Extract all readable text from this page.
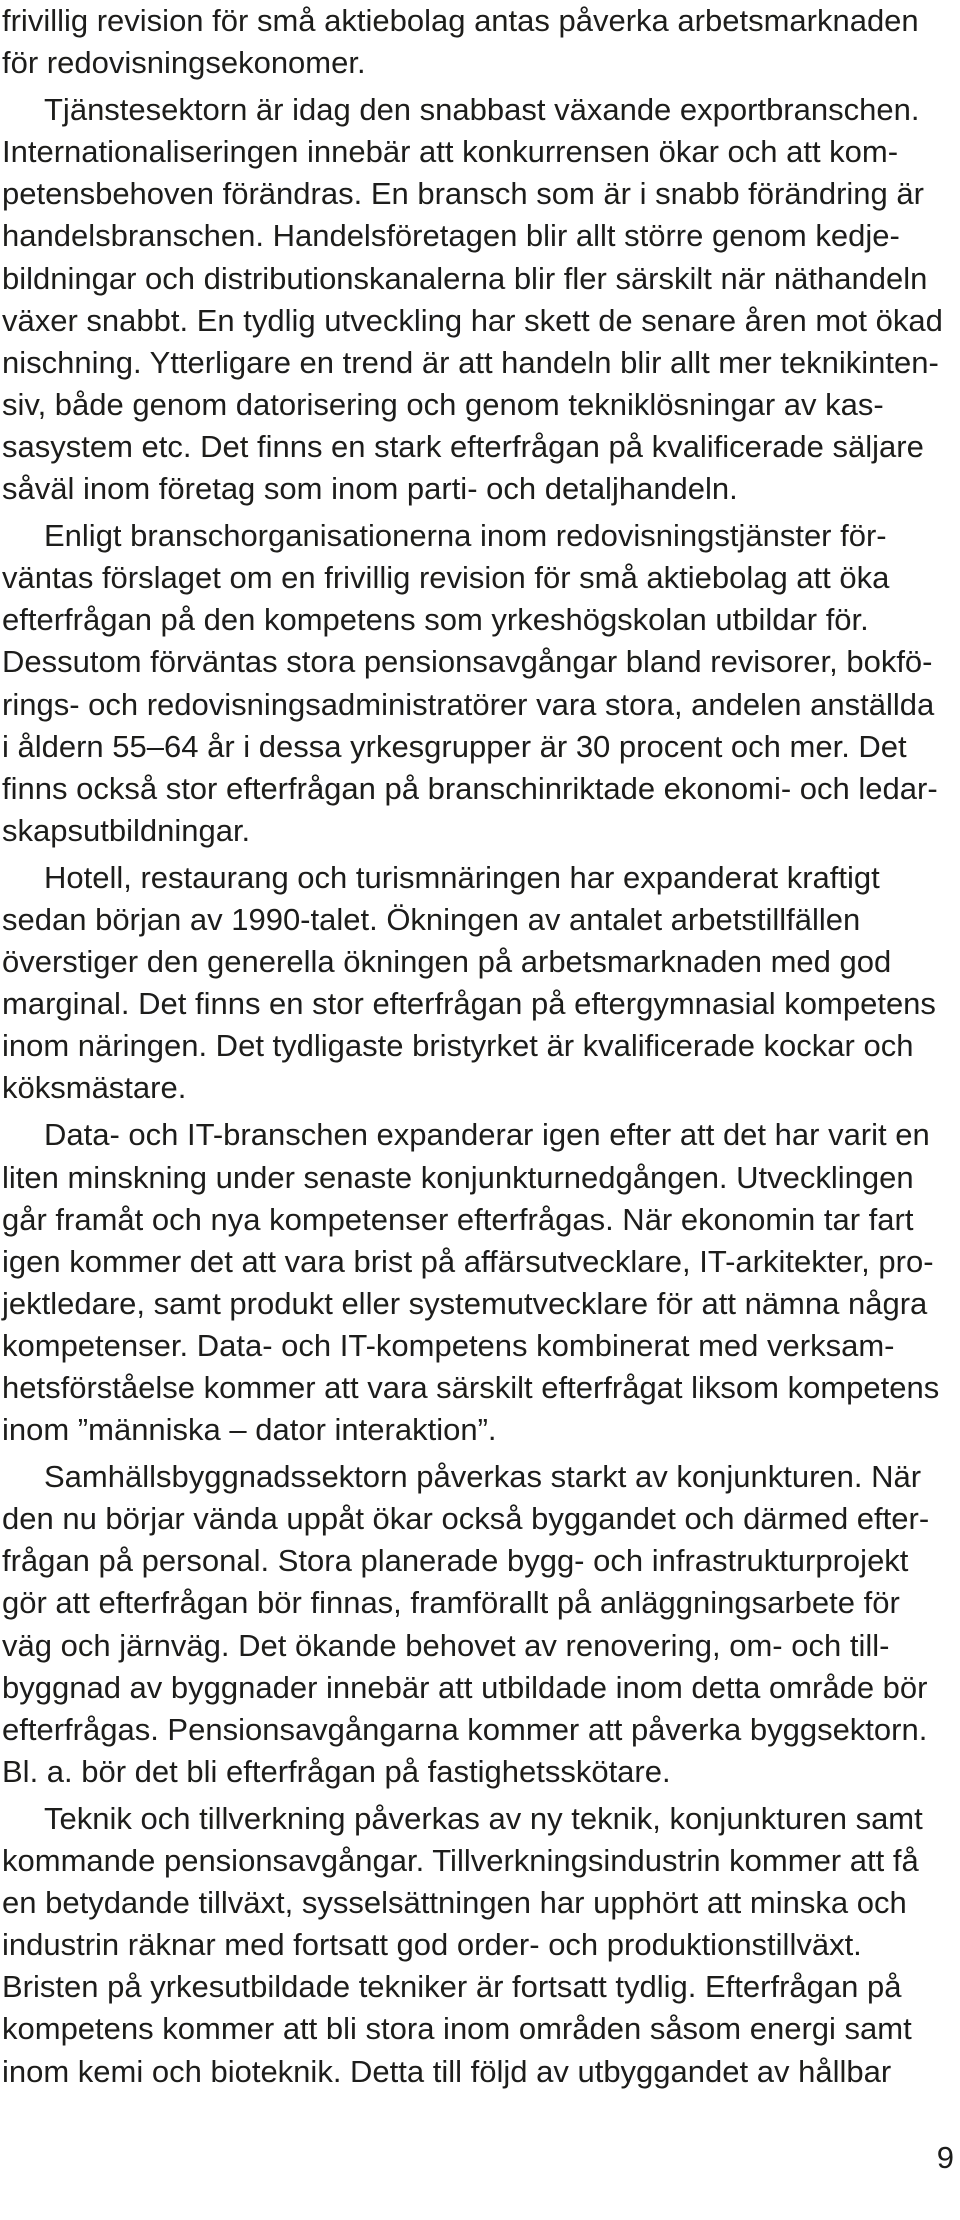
frivillig revision för små aktiebolag antas påverka arbetsmarknaden
för redovisningsekonomer.
Tjänstesektorn är idag den snabbast växande exportbranschen.
Internationaliseringen innebär att konkurrensen ökar och att kom-
petensbehoven förändras. En bransch som är i snabb förändring är
handelsbranschen. Handelsföretagen blir allt större genom kedje-
bildningar och distributionskanalerna blir fler särskilt när näthandeln
växer snabbt. En tydlig utveckling har skett de senare åren mot ökad
nischning. Ytterligare en trend är att handeln blir allt mer teknikinten-
siv, både genom datorisering och genom tekniklösningar av kas-
sasystem etc. Det finns en stark efterfrågan på kvalificerade säljare
såväl inom företag som inom parti- och detaljhandeln.
Enligt branschorganisationerna inom redovisningstjänster för-
väntas förslaget om en frivillig revision för små aktiebolag att öka
efterfrågan på den kompetens som yrkeshögskolan utbildar för.
Dessutom förväntas stora pensionsavgångar bland revisorer, bokfö-
rings- och redovisningsadministratörer vara stora, andelen anställda
i åldern 55–64 år i dessa yrkesgrupper är 30 procent och mer. Det
finns också stor efterfrågan på branschinriktade ekonomi- och ledar-
skapsutbildningar.
Hotell, restaurang och turismnäringen har expanderat kraftigt
sedan början av 1990-talet. Ökningen av antalet arbetstillfällen
överstiger den generella ökningen på arbetsmarknaden med god
marginal. Det finns en stor efterfrågan på eftergymnasial kompetens
inom näringen. Det tydligaste bristyrket är kvalificerade kockar och
köksmästare.
Data- och IT-branschen expanderar igen efter att det har varit en
liten minskning under senaste konjunkturnedgången. Utvecklingen
går framåt och nya kompetenser efterfrågas. När ekonomin tar fart
igen kommer det att vara brist på affärsutvecklare, IT-arkitekter, pro-
jektledare, samt produkt eller systemutvecklare för att nämna några
kompetenser. Data- och IT-kompetens kombinerat med verksam-
hetsförståelse kommer att vara särskilt efterfrågat liksom kompetens
inom ”människa – dator interaktion”.
Samhällsbyggnadssektorn påverkas starkt av konjunkturen. När
den nu börjar vända uppåt ökar också byggandet och därmed efter-
frågan på personal. Stora planerade bygg- och infrastrukturprojekt
gör att efterfrågan bör finnas, framförallt på anläggningsarbete för
väg och järnväg. Det ökande behovet av renovering, om- och till-
byggnad av byggnader innebär att utbildade inom detta område bör
efterfrågas. Pensionsavgångarna kommer att påverka byggsektorn.
Bl. a. bör det bli efterfrågan på fastighetsskötare.
Teknik och tillverkning påverkas av ny teknik, konjunkturen samt
kommande pensionsavgångar. Tillverkningsindustrin kommer att få
en betydande tillväxt, sysselsättningen har upphört att minska och
industrin räknar med fortsatt god order- och produktionstillväxt.
Bristen på yrkesutbildade tekniker är fortsatt tydlig. Efterfrågan på
kompetens kommer att bli stora inom områden såsom energi samt
inom kemi och bioteknik. Detta till följd av utbyggandet av hållbar
9
